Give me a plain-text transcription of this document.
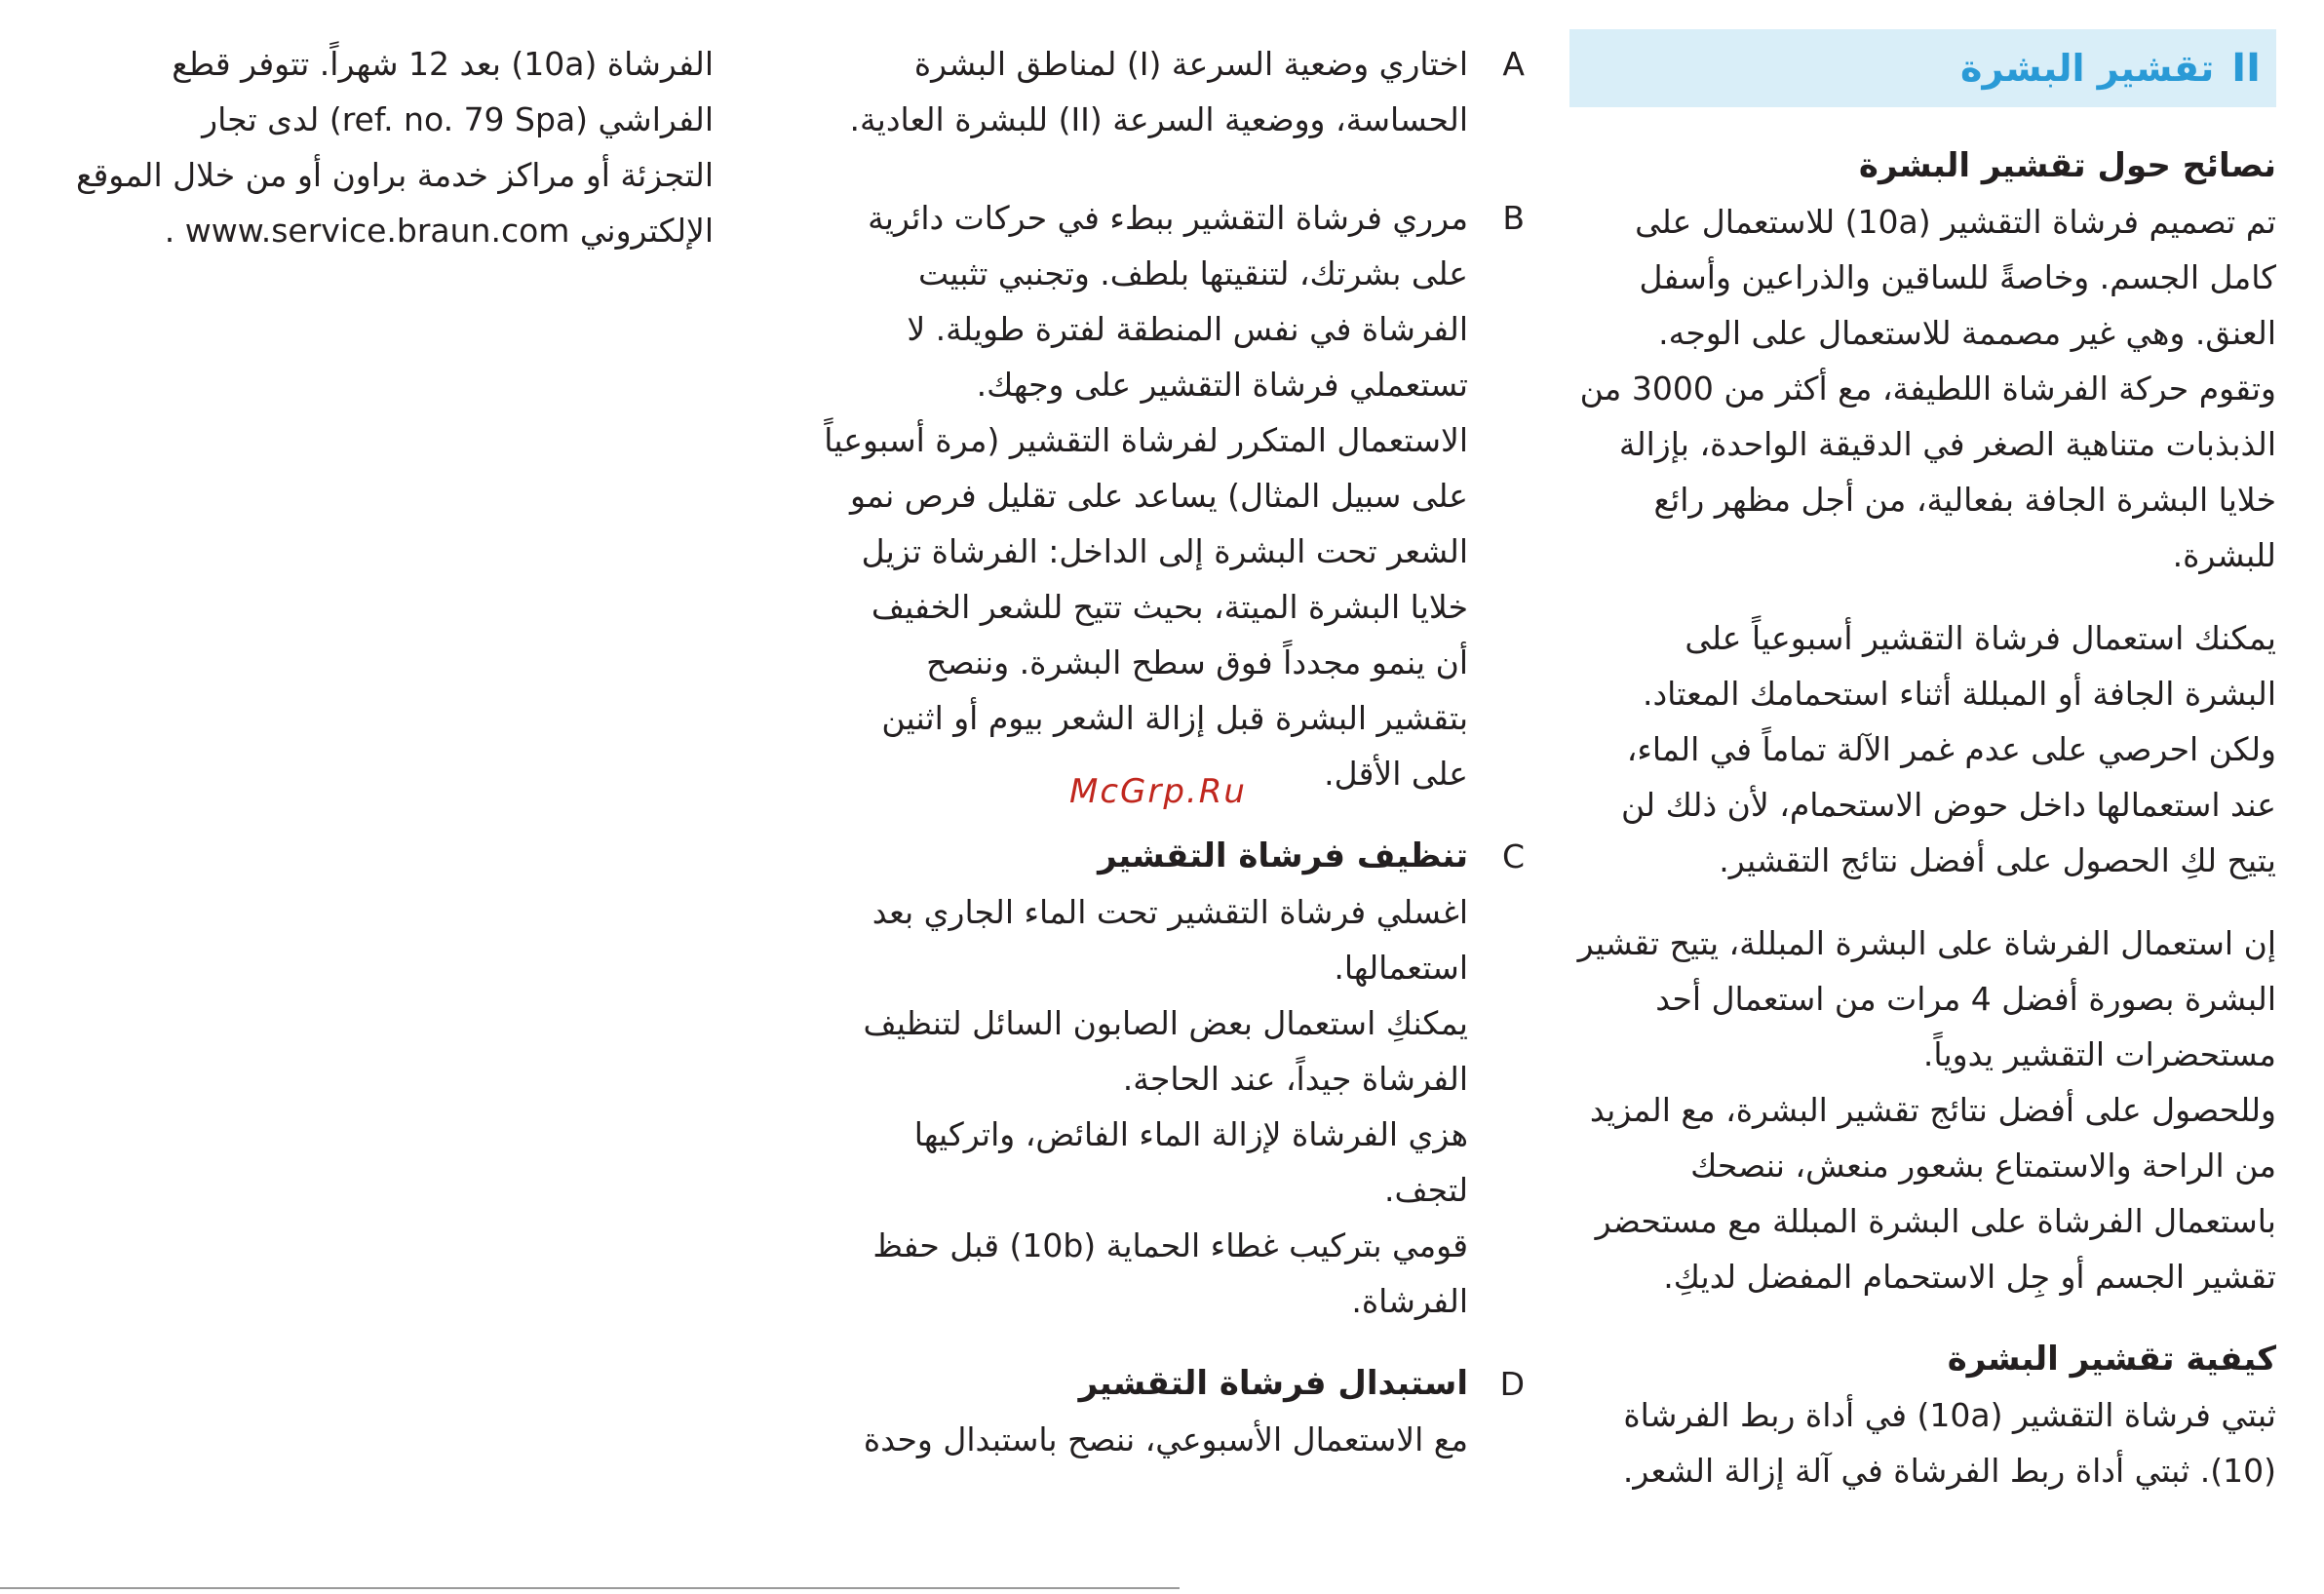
II
تقشير البشرة

نصائح حول تقشير البشرة

تم تصميم فرشاة التقشير (10a) للاستعمال على

كامل الجسم. وخاصةً للساقين والذراعين وأسفل

العنق. وهي غير مصممة للاستعمال على الوجه.

وتقوم حركة الفرشاة اللطيفة، مع أكثر من 3000 من

الذبذبات متناهية الصغر في الدقيقة الواحدة، بإزالة

خلايا البشرة الجافة بفعالية، من أجل مظهر رائع

للبشرة.

يمكنك استعمال فرشاة التقشير أسبوعياً على

البشرة الجافة أو المبللة أثناء استحمامك المعتاد.

ولكن احرصي على عدم غمر الآلة تماماً في الماء،

عند استعمالها داخل حوض الاستحمام، لأن ذلك لن

يتيح لكِ الحصول على أفضل نتائج التقشير.

إن استعمال الفرشاة على البشرة المبللة، يتيح تقشير

البشرة بصورة أفضل 4 مرات من استعمال أحد

مستحضرات التقشير يدوياً.

وللحصول على أفضل نتائج تقشير البشرة، مع المزيد

من الراحة والاستمتاع بشعور منعش، ننصحك

باستعمال الفرشاة على البشرة المبللة مع مستحضر

تقشير الجسم أو جِل الاستحمام المفضل لديكِ.

كيفية تقشير البشرة

ثبتي فرشاة التقشير (10a) في أداة ربط الفرشاة

(10). ثبتي أداة ربط الفرشاة في آلة إزالة الشعر.

A

اختاري وضعية السرعة (I) لمناطق البشرة

الحساسة، ووضعية السرعة (II) للبشرة العادية.

B

مرري فرشاة التقشير ببطء في حركات دائرية

على بشرتك، لتنقيتها بلطف. وتجنبي تثبيت

الفرشاة في نفس المنطقة لفترة طويلة. لا

تستعملي فرشاة التقشير على وجهك.

الاستعمال المتكرر لفرشاة التقشير (مرة أسبوعياً

على سبيل المثال) يساعد على تقليل فرص نمو

الشعر تحت البشرة إلى الداخل: الفرشاة تزيل

خلايا البشرة الميتة، بحيث تتيح للشعر الخفيف

أن ينمو مجدداً فوق سطح البشرة. وننصح

بتقشير البشرة قبل إزالة الشعر بيوم أو اثنين

على الأقل.

C

تنظيف فرشاة التقشير

اغسلي فرشاة التقشير تحت الماء الجاري بعد

استعمالها.

يمكنكِ استعمال بعض الصابون السائل لتنظيف

الفرشاة جيداً، عند الحاجة.

هزي الفرشاة لإزالة الماء الفائض، واتركيها

لتجف.

قومي بتركيب غطاء الحماية (10b) قبل حفظ

الفرشاة.

D

استبدال فرشاة التقشير

مع الاستعمال الأسبوعي، ننصح باستبدال وحدة

الفرشاة (10a) بعد 12 شهراً. تتوفر قطع

الفراشي (ref. no. 79 Spa) لدى تجار

التجزئة أو مراكز خدمة براون أو من خلال الموقع

الإلكتروني www.service.braun.com .

McGrp.Ru
